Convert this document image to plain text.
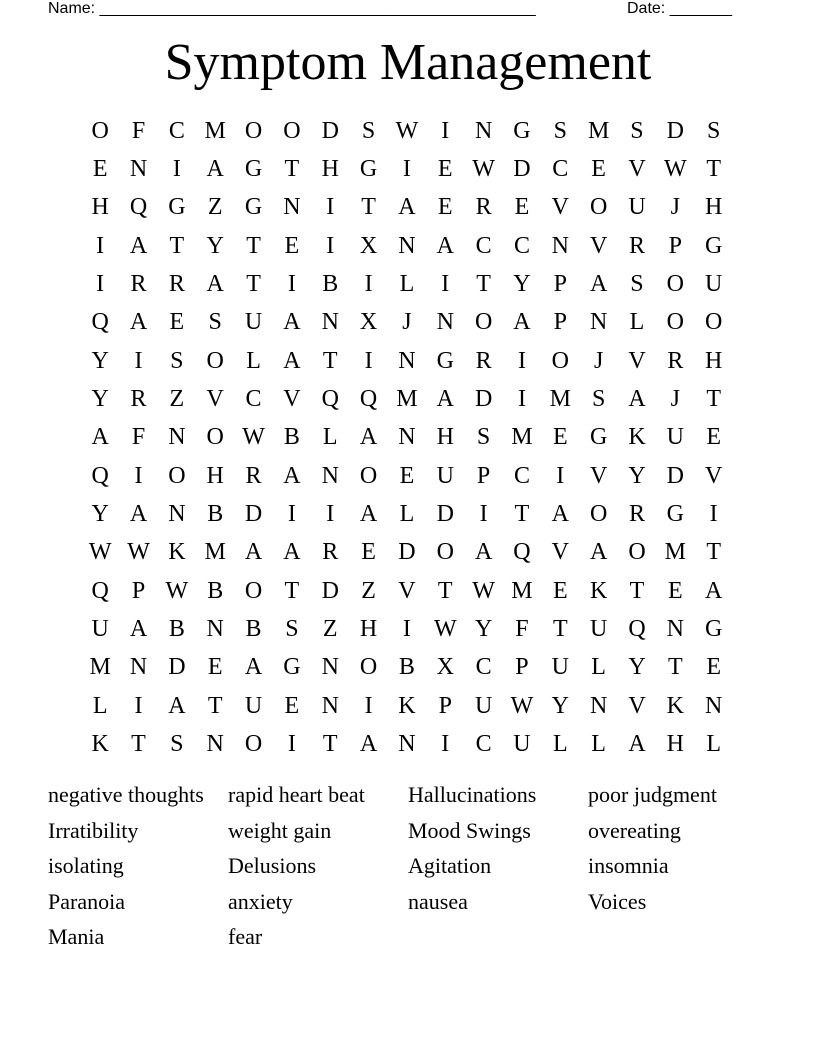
Name: _________________________________________________	Date: _______
Symptom Management
O F C M O O D S W I	N G S M S D S
E N	I	A G T H G	I	E W D C E V W T
H Q G Z G N	I	T A E R E V O U	J	H
I	A T Y T E	I	X N A C C N V R P G
I	R R A T	I	B	I	L	I	T Y P A S O U
Q A E	S U A N X	J	N O A P N L O O
Y	I	S O L A T	I	N G R	I	O	J	V R H
Y R Z V C V Q Q M A D	I M S A	J	T
A F N O W B L A N H S M E G K U E
Q	I	O H R A N O E U P C	I	V Y D V
Y A N B D	I	I	A L D	I	T A O R G	I
W W K M A A R E D O A Q V A O M T
Q P W B O T D Z V T W M E K T E A
U A B N B S	Z H	I W Y F	T U Q N G
M N D E A G N O B X C P U L Y T E
L	I	A T U E N	I	K P U W Y N V K N
K T	S N O	I	T A N	I	C U L L A H L
negative thoughts	rapid heart beat	Hallucinations	poor judgment
Irratibility	weight gain	Mood Swings	overeating
isolating	Delusions	Agitation	insomnia
Paranoia	anxiety	nausea	Voices
Mania	fear
